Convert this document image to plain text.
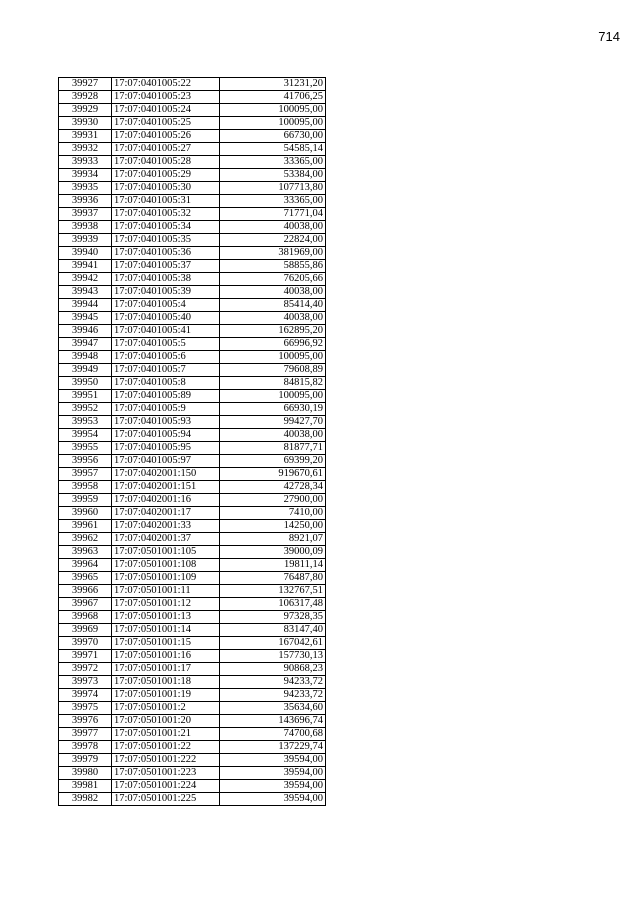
714
39927	17:07:0401005:22	31231,20
39928	17:07:0401005:23	41706,25
39929	17:07:0401005:24	100095,00
39930	17:07:0401005:25	100095,00
39931	17:07:0401005:26	66730,00
39932	17:07:0401005:27	54585,14
39933	17:07:0401005:28	33365,00
39934	17:07:0401005:29	53384,00
39935	17:07:0401005:30	107713,80
39936	17:07:0401005:31	33365,00
39937	17:07:0401005:32	71771,04
39938	17:07:0401005:34	40038,00
39939	17:07:0401005:35	22824,00
39940	17:07:0401005:36	381969,00
39941	17:07:0401005:37	58855,86
39942	17:07:0401005:38	76205,66
39943	17:07:0401005:39	40038,00
39944	17:07:0401005:4	85414,40
39945	17:07:0401005:40	40038,00
39946	17:07:0401005:41	162895,20
39947	17:07:0401005:5	66996,92
39948	17:07:0401005:6	100095,00
39949	17:07:0401005:7	79608,89
39950	17:07:0401005:8	84815,82
39951	17:07:0401005:89	100095,00
39952	17:07:0401005:9	66930,19
39953	17:07:0401005:93	99427,70
39954	17:07:0401005:94	40038,00
39955	17:07:0401005:95	81877,71
39956	17:07:0401005:97	69399,20
39957	17:07:0402001:150	919670,61
39958	17:07:0402001:151	42728,34
39959	17:07:0402001:16	27900,00
39960	17:07:0402001:17	7410,00
39961	17:07:0402001:33	14250,00
39962	17:07:0402001:37	8921,07
39963	17:07:0501001:105	39000,09
39964	17:07:0501001:108	19811,14
39965	17:07:0501001:109	76487,80
39966	17:07:0501001:11	132767,51
39967	17:07:0501001:12	106317,48
39968	17:07:0501001:13	97328,35
39969	17:07:0501001:14	83147,40
39970	17:07:0501001:15	167042,61
39971	17:07:0501001:16	157730,13
39972	17:07:0501001:17	90868,23
39973	17:07:0501001:18	94233,72
39974	17:07:0501001:19	94233,72
39975	17:07:0501001:2	35634,60
39976	17:07:0501001:20	143696,74
39977	17:07:0501001:21	74700,68
39978	17:07:0501001:22	137229,74
39979	17:07:0501001:222	39594,00
39980	17:07:0501001:223	39594,00
39981	17:07:0501001:224	39594,00
39982	17:07:0501001:225	39594,00
